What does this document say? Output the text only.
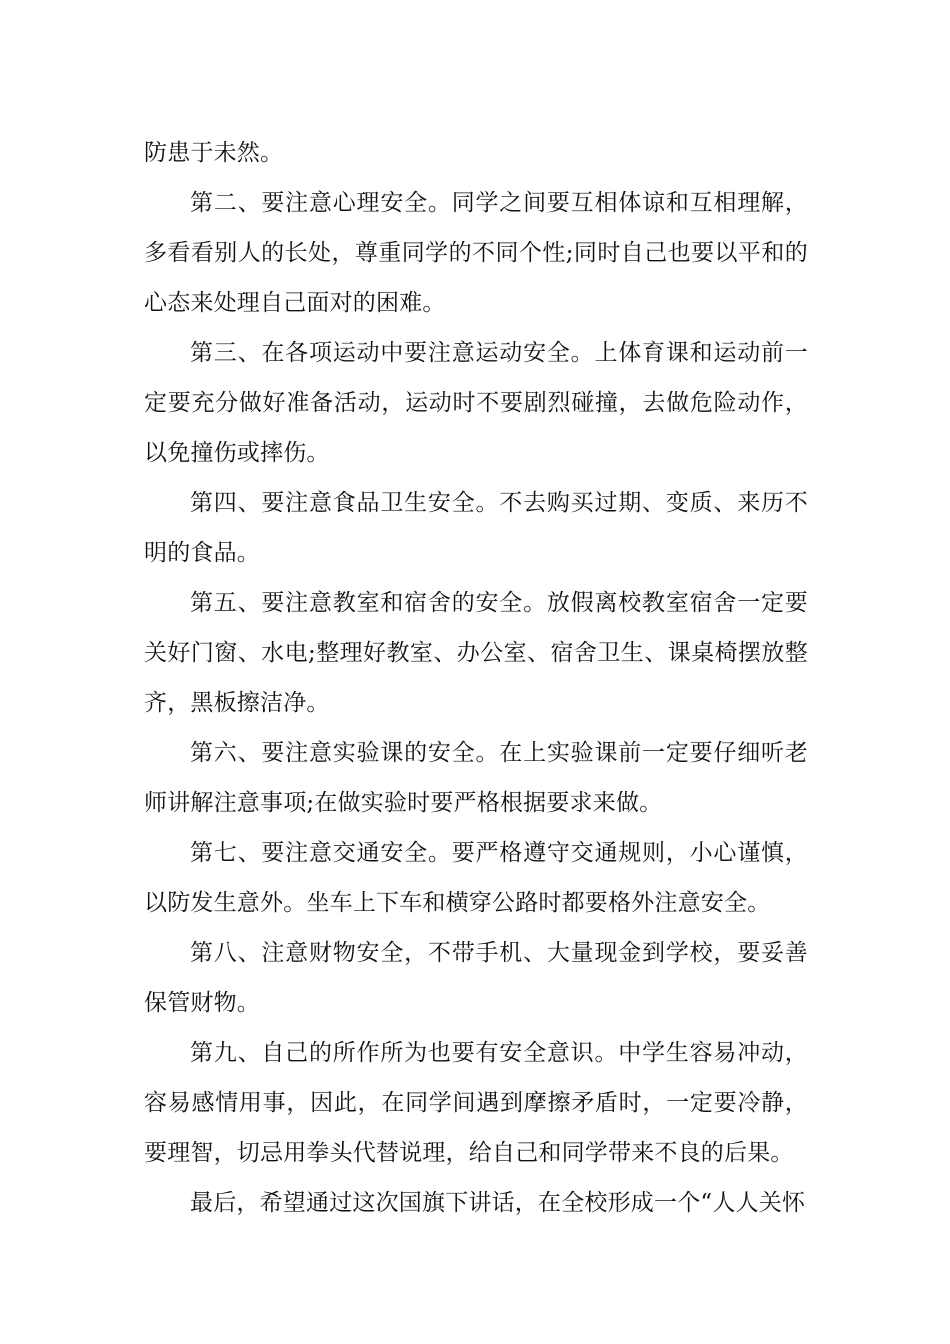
防患于未然。

第二、要注意心理安全。同学之间要互相体谅和互相理解，多看看别人的长处，尊重同学的不同个性;同时自己也要以平和的心态来处理自己面对的困难。

第三、在各项运动中要注意运动安全。上体育课和运动前一定要充分做好准备活动，运动时不要剧烈碰撞，去做危险动作，以免撞伤或摔伤。

第四、要注意食品卫生安全。不去购买过期、变质、来历不明的食品。

第五、要注意教室和宿舍的安全。放假离校教室宿舍一定要关好门窗、水电;整理好教室、办公室、宿舍卫生、课桌椅摆放整齐，黑板擦洁净。

第六、要注意实验课的安全。在上实验课前一定要仔细听老师讲解注意事项;在做实验时要严格根据要求来做。

第七、要注意交通安全。要严格遵守交通规则，小心谨慎，以防发生意外。坐车上下车和横穿公路时都要格外注意安全。

第八、注意财物安全，不带手机、大量现金到学校，要妥善保管财物。

第九、自己的所作所为也要有安全意识。中学生容易冲动，容易感情用事，因此，在同学间遇到摩擦矛盾时，一定要冷静，要理智，切忌用拳头代替说理，给自己和同学带来不良的后果。

最后，希望通过这次国旗下讲话，在全校形成一个“人人关怀
